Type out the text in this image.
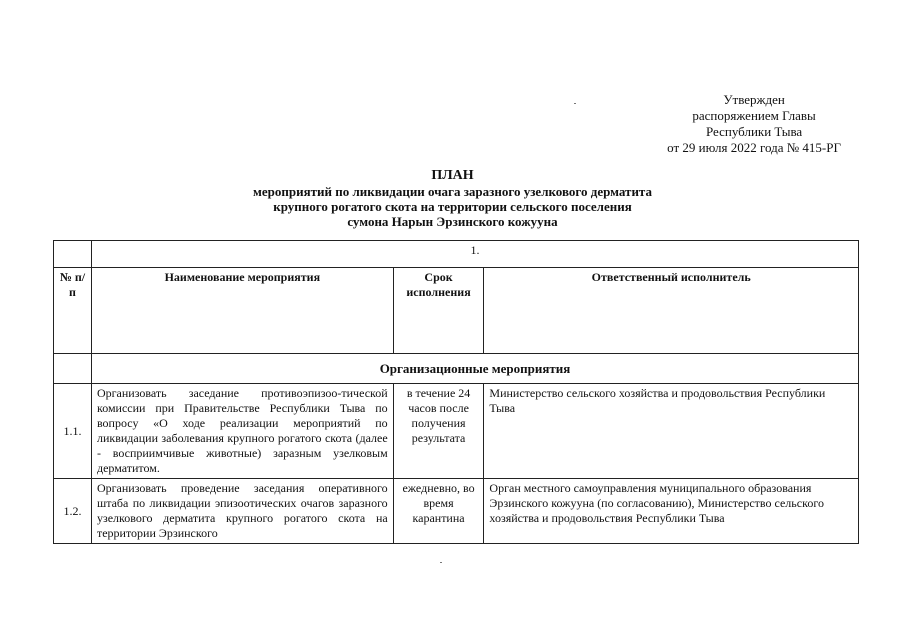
Утвержден
распоряжением Главы
Республики Тыва
от 29 июля 2022 года № 415-РГ
ПЛАН
мероприятий по ликвидации очага заразного узелкового дерматита
крупного рогатого скота на территории сельского поселения
сумона Нарын Эрзинского кожууна
	1.		
№ п/п	Наименование мероприятия	Срок исполнения	Ответственный исполнитель
	Организационные мероприятия		
1.1.	Организовать заседание противоэпизоо-тической комиссии при Правительстве Республики Тыва по вопросу «О ходе реализации мероприятий по ликвидации заболевания крупного рогатого скота (далее - восприимчивые животные) заразным узелковым дерматитом.	в течение 24 часов после получения результата	Министерство сельского хозяйства и продовольствия Республики Тыва
1.2.	Организовать проведение заседания оперативного штаба по ликвидации эпизоотических очагов заразного узелкового дерматита крупного рогатого скота на территории Эрзинского	ежедневно, во время карантина	Орган местного самоуправления муниципального образования Эрзинского кожууна (по согласованию), Министерство сельского хозяйства и продовольствия Республики Тыва
